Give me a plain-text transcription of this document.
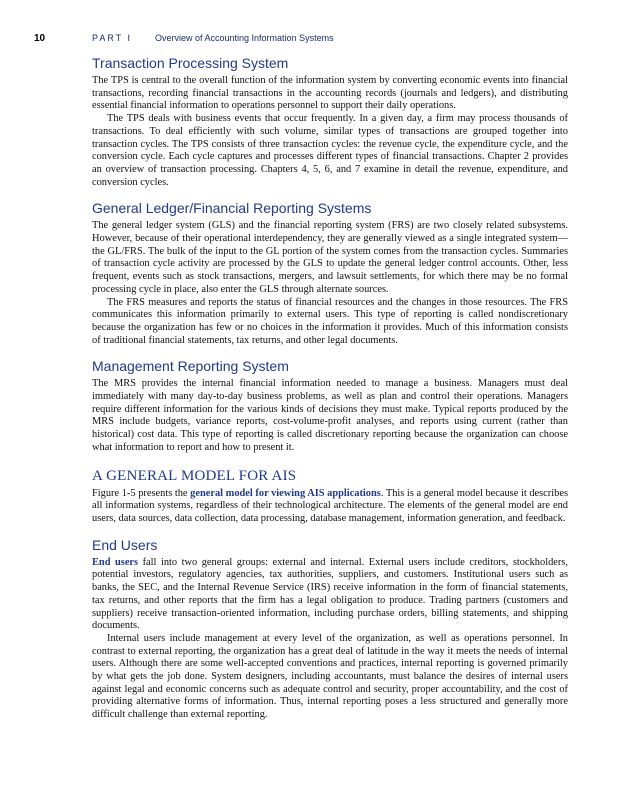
10	PART I	Overview of Accounting Information Systems
Transaction Processing System

The TPS is central to the overall function of the information system by converting economic events into financial transactions, recording financial transactions in the accounting records (journals and ledgers), and distributing essential financial information to operations personnel to support their daily operations.

The TPS deals with business events that occur frequently. In a given day, a firm may process thousands of transactions. To deal efficiently with such volume, similar types of transactions are grouped together into transaction cycles. The TPS consists of three transaction cycles: the revenue cycle, the expenditure cycle, and the conversion cycle. Each cycle captures and processes different types of financial transactions. Chapter 2 provides an overview of transaction processing. Chapters 4, 5, 6, and 7 examine in detail the revenue, expenditure, and conversion cycles.

General Ledger/Financial Reporting Systems

The general ledger system (GLS) and the financial reporting system (FRS) are two closely related subsystems. However, because of their operational interdependency, they are generally viewed as a single integrated system—the GL/FRS. The bulk of the input to the GL portion of the system comes from the transaction cycles. Summaries of transaction cycle activity are processed by the GLS to update the general ledger control accounts. Other, less frequent, events such as stock transactions, mergers, and lawsuit settlements, for which there may be no formal processing cycle in place, also enter the GLS through alternate sources.

The FRS measures and reports the status of financial resources and the changes in those resources. The FRS communicates this information primarily to external users. This type of reporting is called nondiscretionary because the organization has few or no choices in the information it provides. Much of this information consists of traditional financial statements, tax returns, and other legal documents.

Management Reporting System

The MRS provides the internal financial information needed to manage a business. Managers must deal immediately with many day-to-day business problems, as well as plan and control their operations. Managers require different information for the various kinds of decisions they must make. Typical reports produced by the MRS include budgets, variance reports, cost-volume-profit analyses, and reports using current (rather than historical) cost data. This type of reporting is called discretionary reporting because the organization can choose what information to report and how to present it.

A GENERAL MODEL FOR AIS

Figure 1-5 presents the general model for viewing AIS applications. This is a general model because it describes all information systems, regardless of their technological architecture. The elements of the general model are end users, data sources, data collection, data processing, database management, information generation, and feedback.

End Users

End users fall into two general groups: external and internal. External users include creditors, stockholders, potential investors, regulatory agencies, tax authorities, suppliers, and customers. Institutional users such as banks, the SEC, and the Internal Revenue Service (IRS) receive information in the form of financial statements, tax returns, and other reports that the firm has a legal obligation to produce. Trading partners (customers and suppliers) receive transaction-oriented information, including purchase orders, billing statements, and shipping documents.

Internal users include management at every level of the organization, as well as operations personnel. In contrast to external reporting, the organization has a great deal of latitude in the way it meets the needs of internal users. Although there are some well-accepted conventions and practices, internal reporting is governed primarily by what gets the job done. System designers, including accountants, must balance the desires of internal users against legal and economic concerns such as adequate control and security, proper accountability, and the cost of providing alternative forms of information. Thus, internal reporting poses a less structured and generally more difficult challenge than external reporting.
